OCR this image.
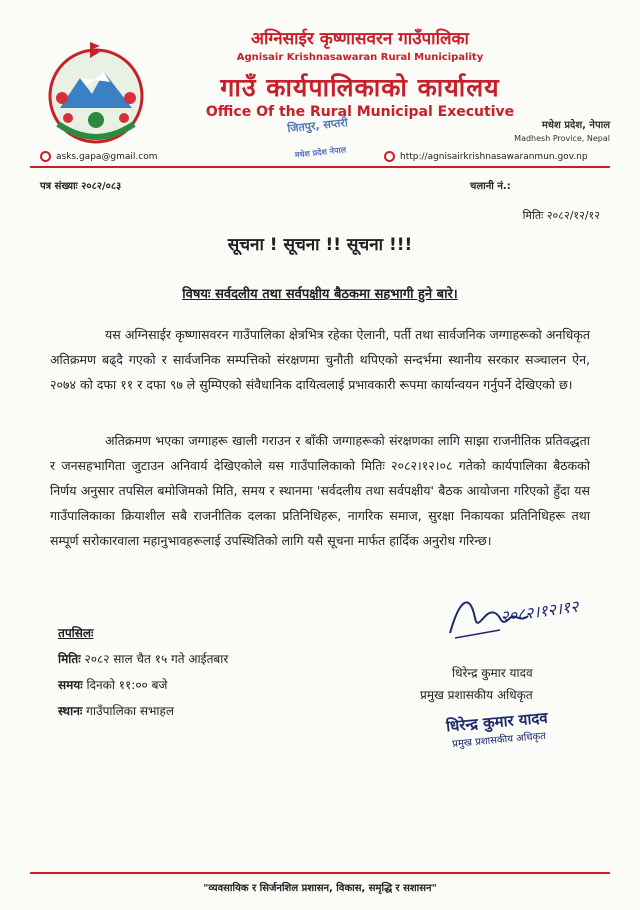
अग्निसाईर कृष्णासवरन गाउँपालिका
Agnisair Krishnasawaran Rural Municipality
गाउँ कार्यपालिकाको कार्यालय
Office Of the Rural Municipal Executive
मधेश प्रदेश, नेपाल
Madhesh Provice, Nepal
जितपुर, सप्तरी
मधेश प्रदेश नेपाल
asks.gapa@gmail.com	http://agnisairkrishnasawaranmun.gov.np
पत्र संख्याः २०८२/०८३	चलानी नं.:
मितिः २०८२/१२/१२
सूचना ! सूचना !! सूचना !!!
विषयः सर्वदलीय तथा सर्वपक्षीय बैठकमा सहभागी हुने बारे।
यस अग्निसाईर कृष्णासवरन गाउँपालिका क्षेत्रभित्र रहेका ऐलानी, पर्ती तथा सार्वजनिक जग्गाहरूको अनधिकृत अतिक्रमण बढ्दै गएको र सार्वजनिक सम्पत्तिको संरक्षणमा चुनौती थपिएको सन्दर्भमा स्थानीय सरकार सञ्चालन ऐन, २०७४ को दफा ११ र दफा ९७ ले सुम्पिएको संवैधानिक दायित्वलाई प्रभावकारी रूपमा कार्यान्वयन गर्नुपर्ने देखिएको छ।
अतिक्रमण भएका जग्गाहरू खाली गराउन र बाँकी जग्गाहरूको संरक्षणका लागि साझा राजनीतिक प्रतिवद्धता र जनसहभागिता जुटाउन अनिवार्य देखिएकोले यस गाउँपालिकाको मितिः २०८२।१२।०८ गतेको कार्यपालिका बैठकको निर्णय अनुसार तपसिल बमोजिमको मिति, समय र स्थानमा 'सर्वदलीय तथा सर्वपक्षीय' बैठक आयोजना गरिएको हुँदा यस गाउँपालिकाका क्रियाशील सबै राजनीतिक दलका प्रतिनिधिहरू, नागरिक समाज, सुरक्षा निकायका प्रतिनिधिहरू तथा सम्पूर्ण सरोकारवाला महानुभावहरूलाई उपस्थितिको लागि यसै सूचना मार्फत हार्दिक अनुरोध गरिन्छ।
तपसिलः
मितिः २०८२ साल चैत १५ गते आईतबार
समयः दिनको ११:०० बजे
स्थानः गाउँपालिका सभाहल
२०८२।१२।१२
धिरेन्द्र कुमार यादव
प्रमुख प्रशासकीय अधिकृत
धिरेन्द्र कुमार यादव
प्रमुख प्रशासकीय अधिकृत
"व्यवसायिक र सिर्जनशिल प्रशासन, विकास, समृद्धि र सशासन"
